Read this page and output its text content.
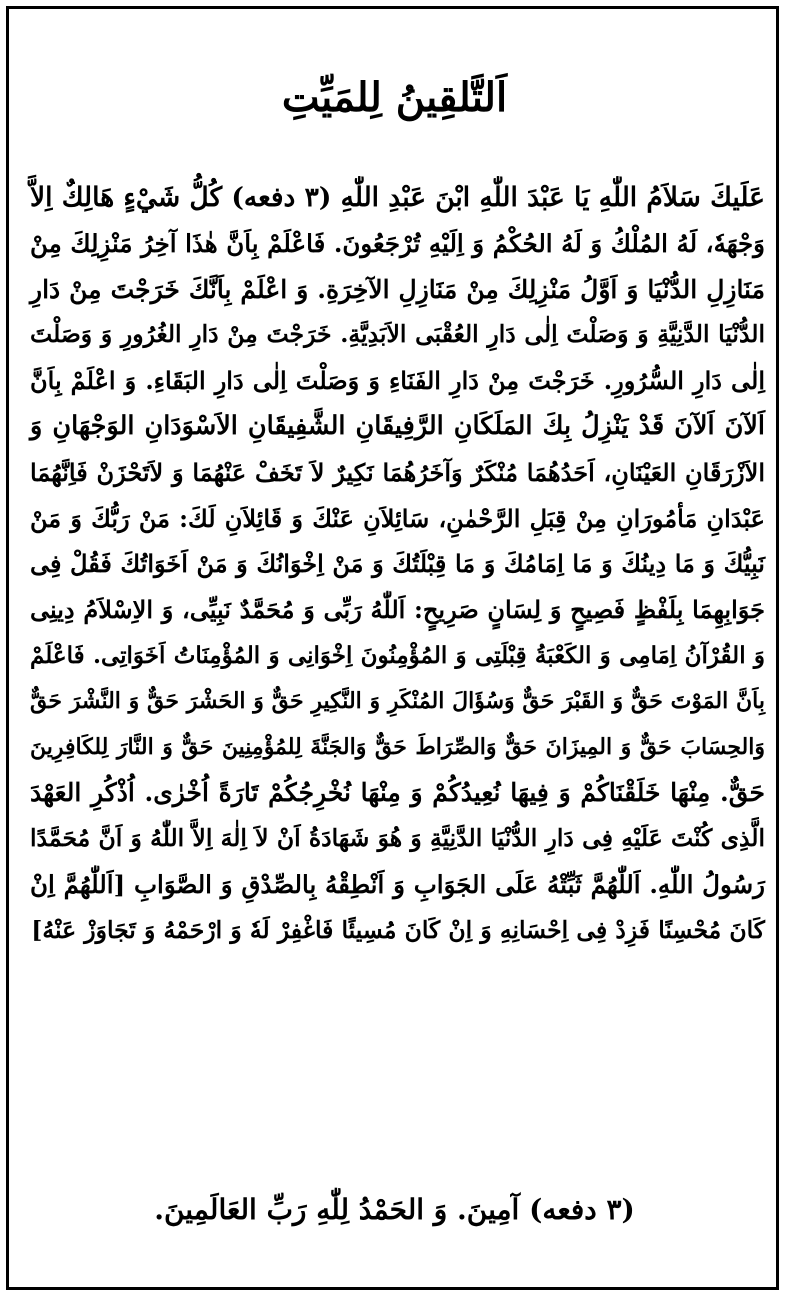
اَلتَّلقِينُ لِلمَيِّتِ
عَلَيكَ سَلاَمُ اللّٰهِ يَا عَبْدَ اللّٰهِ ابْنَ عَبْدِ اللّٰهِ (۳ دفعه) كُلُّ شَيْءٍ هَالِكٌ اِلاَّ
وَجْهَهٗ، لَهُ المُلْكُ وَ لَهُ الحُكْمُ وَ اِلَيْهِ تُرْجَعُونَ. فَاعْلَمْ بِاَنَّ هٰذَا آخِرُ مَنْزِلِكَ مِنْ
مَنَازِلِ الدُّنْيَا وَ اَوَّلُ مَنْزِلِكَ مِنْ مَنَازِلِ الآخِرَةِ. وَ اعْلَمْ بِاَنَّكَ خَرَجْتَ مِنْ دَارِ
الدُّنْيَا الدَّنِيَّةِ وَ وَصَلْتَ اِلٰى دَارِ العُقْبَى الاَبَدِيَّةِ. خَرَجْتَ مِنْ دَارِ الغُرُورِ وَ وَصَلْتَ
اِلٰى دَارِ السُّرُورِ. خَرَجْتَ مِنْ دَارِ الفَنَاءِ وَ وَصَلْتَ اِلٰى دَارِ البَقَاءِ. وَ اعْلَمْ بِاَنَّ
اَلآنَ اَلآنَ قَدْ يَنْزِلُ بِكَ المَلَكَانِ الرَّفِيقَانِ الشَّفِيقَانِ الاَسْوَدَانِ الوَجْهَانِ وَ
الاَزْرَقَانِ العَيْنَانِ، اَحَدُهُمَا مُنْكَرٌ وَآخَرُهُمَا نَكِيرٌ لاَ تَخَفْ عَنْهُمَا وَ لاَتَحْزَنْ فَاِنَّهُمَا
عَبْدَانِ مَأمُورَانِ مِنْ قِبَلِ الرَّحْمٰنِ، سَائِلاَنِ عَنْكَ وَ قَائِلاَنِ لَكَ: مَنْ رَبُّكَ وَ مَنْ
نَبِيُّكَ وَ مَا دِينُكَ وَ مَا اِمَامُكَ وَ مَا قِبْلَتُكَ وَ مَنْ اِخْوَانُكَ وَ مَنْ اَخَوَاتُكَ فَقُلْ فِى
جَوَابِهِمَا بِلَفْظٍ فَصِيحٍ وَ لِسَانٍ صَرِيحٍ: اَللّٰهُ رَبِّى وَ مُحَمَّدٌ نَبِيِّى، وَ الاِسْلاَمُ دِينِى
وَ القُرْآنُ اِمَامِى وَ الكَعْبَةُ قِبْلَتِى وَ المُؤْمِنُونَ اِخْوَانِى وَ المُؤْمِنَاتُ اَخَوَاتِى. فَاعْلَمْ
بِاَنَّ المَوْتَ حَقٌّ وَ القَبْرَ حَقٌّ وَسُؤَالَ المُنْكَرِ وَ النَّكِيرِ حَقٌّ وَ الحَشْرَ حَقٌّ وَ النَّشْرَ حَقٌّ
وَالحِسَابَ حَقٌّ وَ المِيزَانَ حَقٌّ وَالصِّرَاطَ حَقٌّ وَالجَنَّةَ لِلمُؤْمِنِينَ حَقٌّ وَ النَّارَ لِلكَافِرِينَ
حَقٌّ. مِنْهَا خَلَقْنَاكُمْ وَ فِيهَا نُعِيدُكُمْ وَ مِنْهَا نُخْرِجُكُمْ تَارَةً اُخْرٰى. اُذْكُرِ العَهْدَ
الَّذِى كُنْتَ عَلَيْهِ فِى دَارِ الدُّنْيَا الدَّنِيَّةِ وَ هُوَ شَهَادَةُ اَنْ لاَ اِلٰهَ اِلاَّ اللّٰهُ وَ اَنَّ مُحَمَّدًا
رَسُولُ اللّٰهِ. اَللّٰهُمَّ ثَبِّتْهُ عَلَى الجَوَابِ وَ اَنْطِقْهُ بِالصِّدْقِ وَ الصَّوَابِ [اَللّٰهُمَّ اِنْ
كَانَ مُحْسِنًا فَزِدْ فِى اِحْسَانِهِ وَ اِنْ كَانَ مُسِيئًا فَاغْفِرْ لَهٗ وَ ارْحَمْهُ وَ تَجَاوَزْ عَنْهُ]
(۳ دفعه) آمِينَ. وَ الحَمْدُ لِلّٰهِ رَبِّ العَالَمِينَ.
